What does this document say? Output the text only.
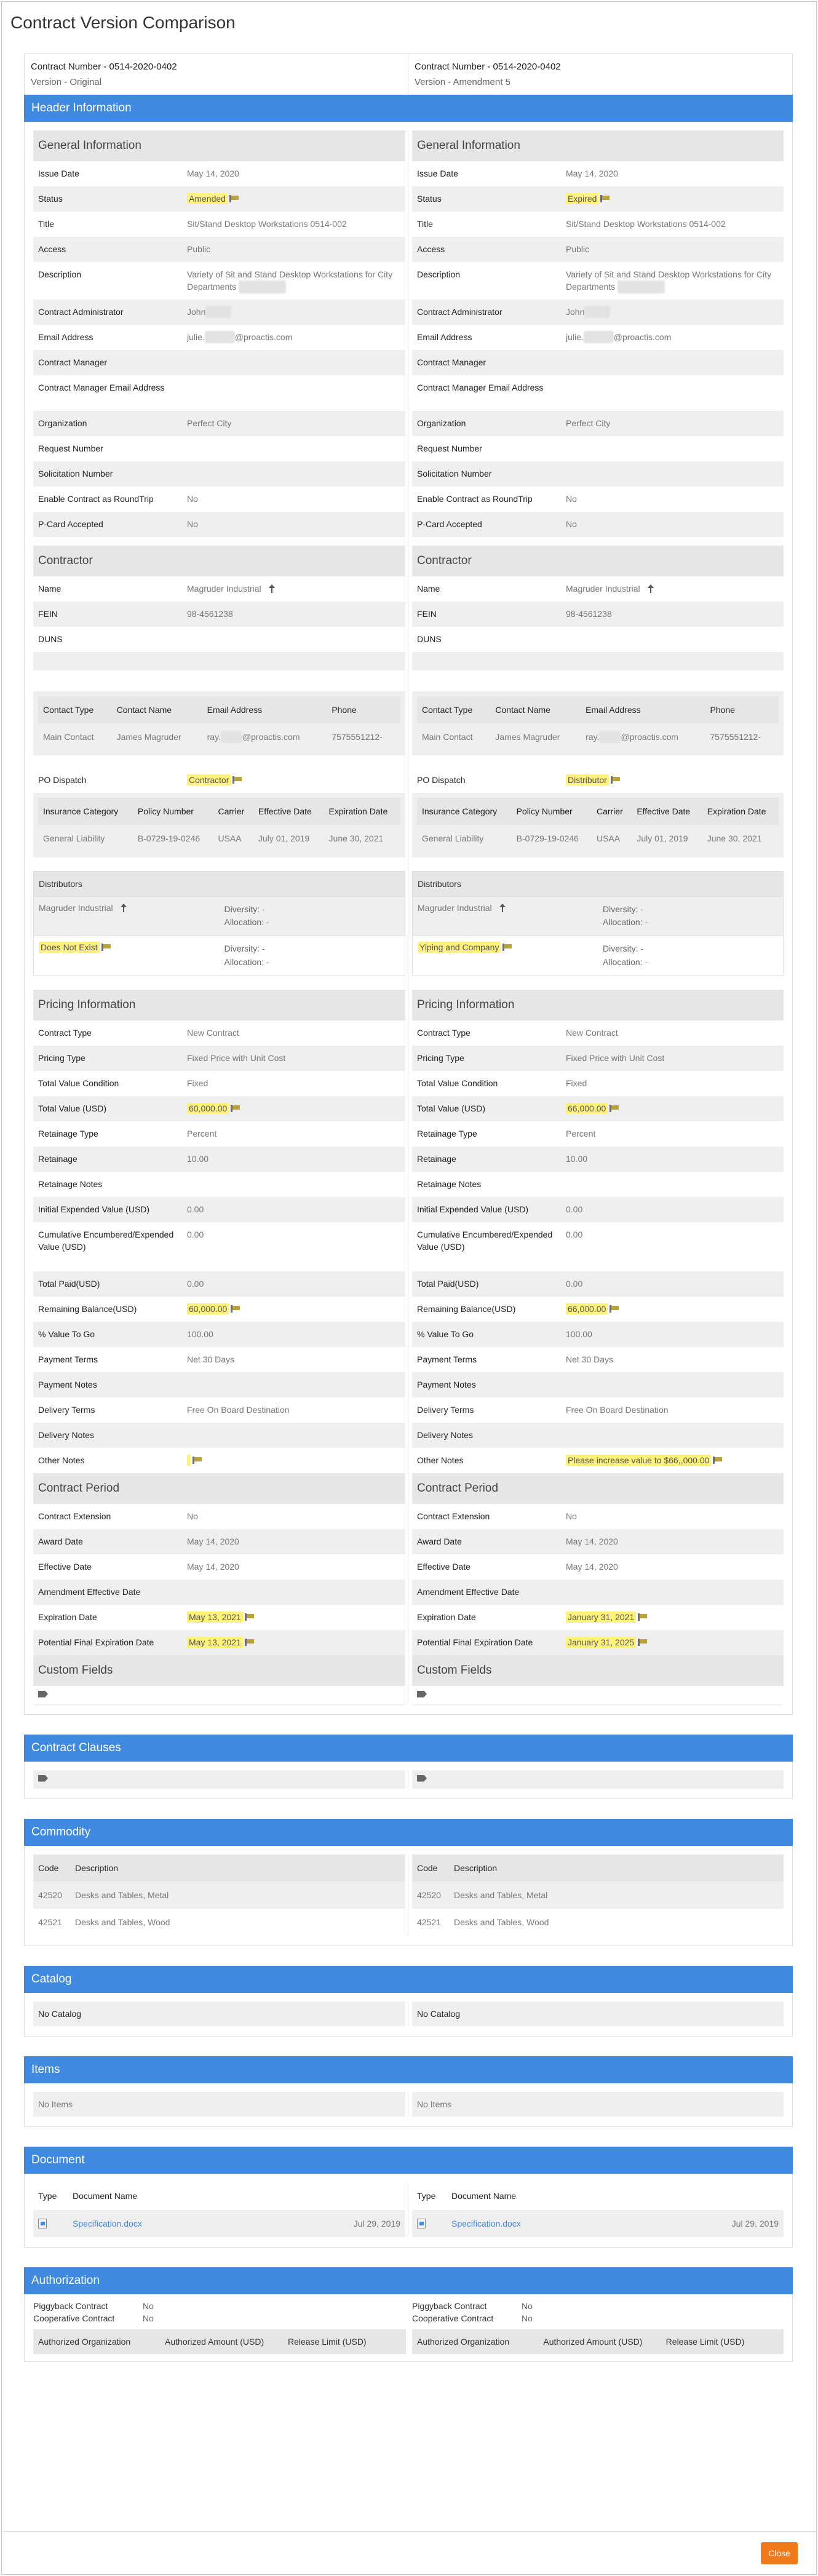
Contract Version Comparison
Contract Number - 0514-2020-0402
Version - Original
Contract Number - 0514-2020-0402
Version - Amendment 5
Header Information
General Information
Issue Date	May 14, 2020
Status	Amended
Title	Sit/Stand Desktop Workstations 0514-002
Access	Public
Description	Variety of Sit and Stand Desktop Workstations for City Departments
Contract Administrator	John
Email Address	julie.	@proactis.com
Contract Manager
Contract Manager Email Address
Organization	Perfect City
Request Number
Solicitation Number
Enable Contract as RoundTrip	No
P-Card Accepted	No
Contractor
Name	Magruder Industrial
FEIN	98-4561238
DUNS
Contact Type	Contact Name	Email Address	Phone
Main Contact	James Magruder	ray. @proactis.com	7575551212-
PO Dispatch	Contractor
Insurance Category	Policy Number	Carrier	Effective Date	Expiration Date
General Liability	B-0729-19-0246	USAA	July 01, 2019	June 30, 2021
Distributors
Magruder Industrial	Diversity: -
Allocation: -
Does Not Exist	Diversity: -
Allocation: -
Pricing Information
Contract Type	New Contract
Pricing Type	Fixed Price with Unit Cost
Total Value Condition	Fixed
Total Value (USD)	60,000.00
Retainage Type	Percent
Retainage	10.00
Retainage Notes
Initial Expended Value (USD)	0.00
Cumulative Encumbered/Expended Value (USD)
0.00
Total Paid(USD)	0.00
Remaining Balance(USD)	60,000.00
% Value To Go	100.00
Payment Terms	Net 30 Days
Payment Notes
Delivery Terms	Free On Board Destination
Delivery Notes
Other Notes
Contract Period
Contract Extension	No
Award Date	May 14, 2020
Effective Date	May 14, 2020
Amendment Effective Date
Expiration Date	May 13, 2021
Potential Final Expiration Date	May 13, 2021
Custom Fields
General Information
Issue Date	May 14, 2020
Status	Expired
Title	Sit/Stand Desktop Workstations 0514-002
Access	Public
Description	Variety of Sit and Stand Desktop Workstations for City Departments
Contract Administrator	John
Email Address	julie.	@proactis.com
Contract Manager
Contract Manager Email Address
Organization	Perfect City
Request Number
Solicitation Number
Enable Contract as RoundTrip	No
P-Card Accepted	No
Contractor
Name	Magruder Industrial
FEIN	98-4561238
DUNS
Contact Type	Contact Name	Email Address	Phone
Main Contact	James Magruder	ray. @proactis.com	7575551212-
PO Dispatch	Distributor
Insurance Category	Policy Number	Carrier	Effective Date	Expiration Date
General Liability	B-0729-19-0246	USAA	July 01, 2019	June 30, 2021
Distributors
Magruder Industrial	Diversity: -
Allocation: -
Yiping and Company	Diversity: -
Allocation: -
Pricing Information
Contract Type	New Contract
Pricing Type	Fixed Price with Unit Cost
Total Value Condition	Fixed
Total Value (USD)	66,000.00
Retainage Type	Percent
Retainage	10.00
Retainage Notes
Initial Expended Value (USD)	0.00
Cumulative Encumbered/Expended Value (USD)
0.00
Total Paid(USD)	0.00
Remaining Balance(USD)	66,000.00
% Value To Go	100.00
Payment Terms	Net 30 Days
Payment Notes
Delivery Terms	Free On Board Destination
Delivery Notes
Other Notes	Please increase value to $66,,000.00
Contract Period
Contract Extension	No
Award Date	May 14, 2020
Effective Date	May 14, 2020
Amendment Effective Date
Expiration Date	January 31, 2021
Potential Final Expiration Date	January 31, 2025
Custom Fields
Contract Clauses
Commodity
Code	Description
42520	Desks and Tables, Metal
42521	Desks and Tables, Wood
Code	Description
42520	Desks and Tables, Metal
42521	Desks and Tables, Wood
Catalog
No Catalog	No Catalog
Items
No Items	No Items
Document
Type	Document Name	
	Specification.docx	Jul 29, 2019
Type	Document Name	
	Specification.docx	Jul 29, 2019
Authorization
Piggyback Contract	No
Cooperative Contract	No
Authorized Organization	Authorized Amount (USD)	Release Limit (USD)
Piggyback Contract	No
Cooperative Contract	No
Authorized Organization	Authorized Amount (USD)	Release Limit (USD)
Close
